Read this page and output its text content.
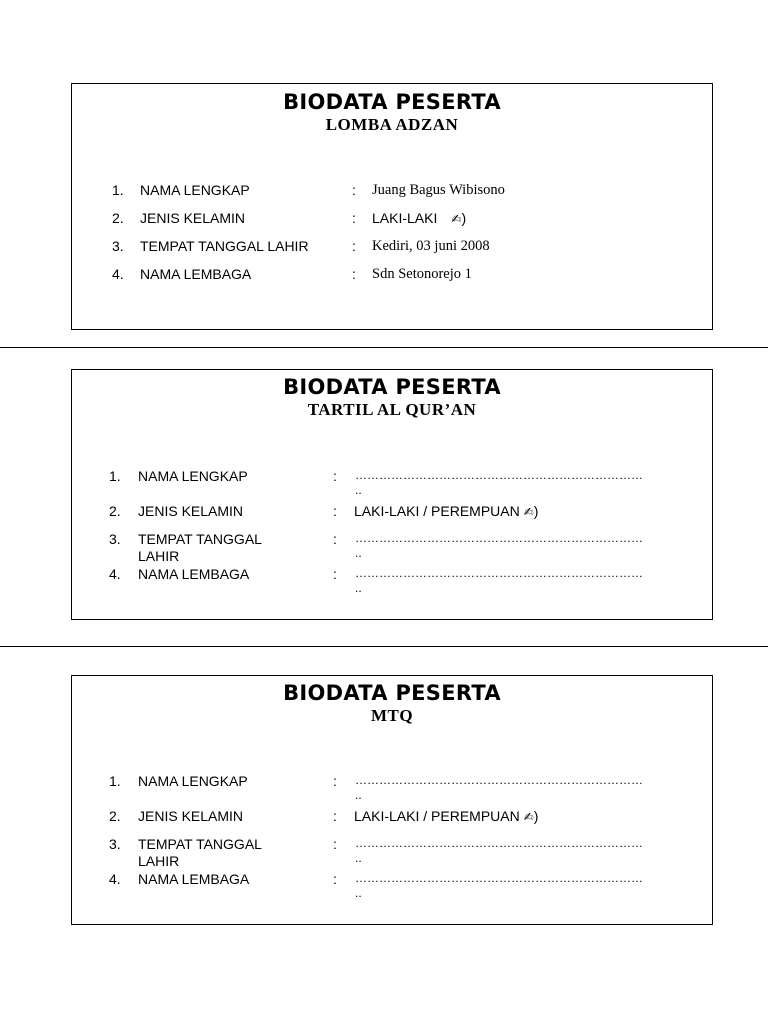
BIODATA PESERTA
LOMBA ADZAN
1. NAMA LENGKAP	: Juang Bagus Wibisono
2. JENIS KELAMIN	: LAKI-LAKI ✍)
3. TEMPAT TANGGAL LAHIR	: Kediri, 03 juni 2008
4. NAMA LEMBAGA	: Sdn Setonorejo 1
BIODATA PESERTA
TARTIL AL QUR’AN
1. NAMA LENGKAP	: ………………………………………………………………
..
2. JENIS KELAMIN	: LAKI-LAKI / PEREMPUAN ✍)
3. TEMPAT TANGGAL
LAHIR
: ………………………………………………………………
..
4. NAMA LEMBAGA	: ………………………………………………………………
..
BIODATA PESERTA
MTQ
1. NAMA LENGKAP	: ………………………………………………………………
..
2. JENIS KELAMIN	: LAKI-LAKI / PEREMPUAN ✍)
3. TEMPAT TANGGAL
LAHIR
: ………………………………………………………………
..
4. NAMA LEMBAGA	: ………………………………………………………………
..
